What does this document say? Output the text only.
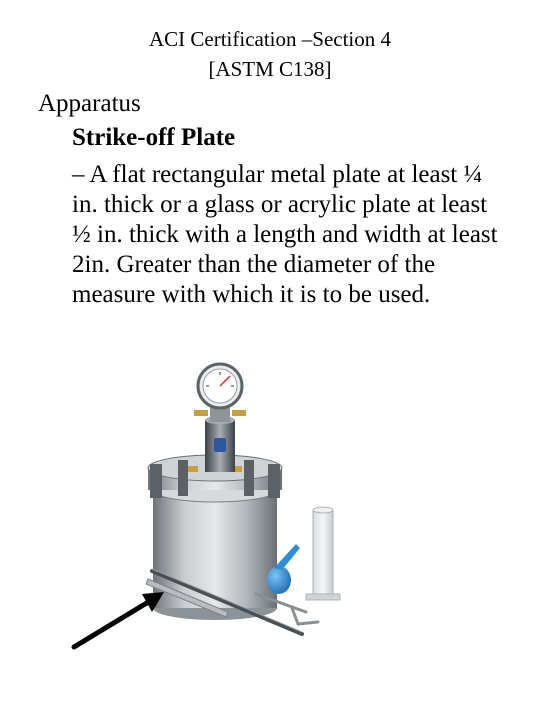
ACI Certification –Section 4
[ASTM C138]
Apparatus
Strike-off Plate
– A flat rectangular metal plate at least ¼ in. thick or a glass or acrylic plate at least ½ in. thick with a length and width at least 2in. Greater than the diameter of the measure with which it is to be used.
